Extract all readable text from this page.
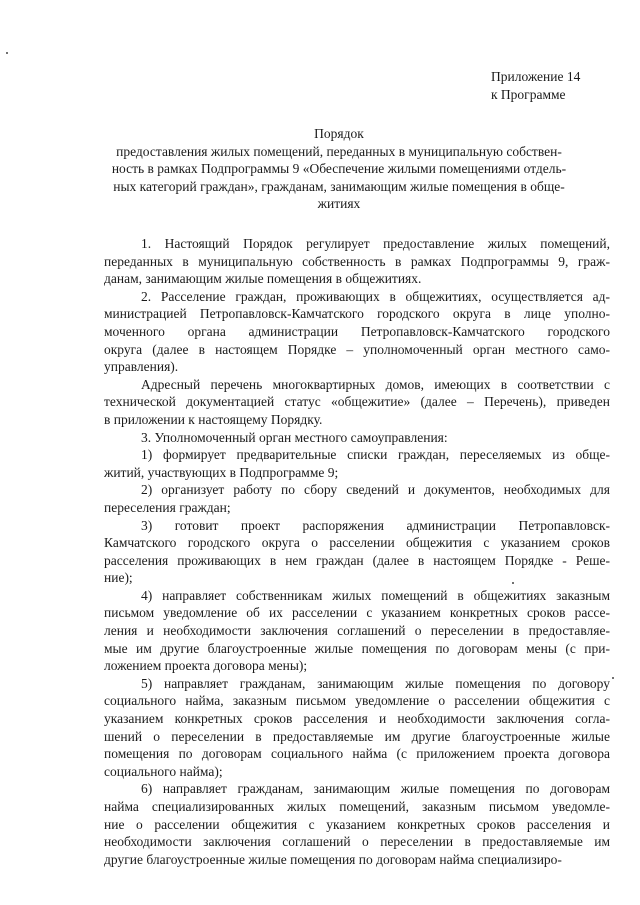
Приложение 14
к Программе
Порядок
предоставления жилых помещений, переданных в муниципальную собствен-
ность в рамках Подпрограммы 9 «Обеспечение жилыми помещениями отдель-
ных категорий граждан», гражданам, занимающим жилые помещения в обще-
житиях
1. Настоящий Порядок регулирует предоставление жилых помещений,
переданных в муниципальную собственность в рамках Подпрограммы 9, граж-
данам, занимающим жилые помещения в общежитиях.
2. Расселение граждан, проживающих в общежитиях, осуществляется ад-
министрацией Петропавловск-Камчатского городского округа в лице уполно-
моченного органа администрации Петропавловск-Камчатского городского
округа (далее в настоящем Порядке – уполномоченный орган местного само-
управления).
Адресный перечень многоквартирных домов, имеющих в соответствии с
технической документацией статус «общежитие» (далее – Перечень), приведен
в приложении к настоящему Порядку.
3. Уполномоченный орган местного самоуправления:
1) формирует предварительные списки граждан, переселяемых из обще-
житий, участвующих в Подпрограмме 9;
2) организует работу по сбору сведений и документов, необходимых для
переселения граждан;
3) готовит проект распоряжения администрации Петропавловск-
Камчатского городского округа о расселении общежития с указанием сроков
расселения проживающих в нем граждан (далее в настоящем Порядке - Реше-
ние);
4) направляет собственникам жилых помещений в общежитиях заказным
письмом уведомление об их расселении с указанием конкретных сроков рассе-
ления и необходимости заключения соглашений о переселении в предоставляе-
мые им другие благоустроенные жилые помещения по договорам мены (с при-
ложением проекта договора мены);
5) направляет гражданам, занимающим жилые помещения по договору
социального найма, заказным письмом уведомление о расселении общежития с
указанием конкретных сроков расселения и необходимости заключения согла-
шений о переселении в предоставляемые им другие благоустроенные жилые
помещения по договорам социального найма (с приложением проекта договора
социального найма);
6) направляет гражданам, занимающим жилые помещения по договорам
найма специализированных жилых помещений, заказным письмом уведомле-
ние о расселении общежития с указанием конкретных сроков расселения и
необходимости заключения соглашений о переселении в предоставляемые им
другие благоустроенные жилые помещения по договорам найма специализиро-
